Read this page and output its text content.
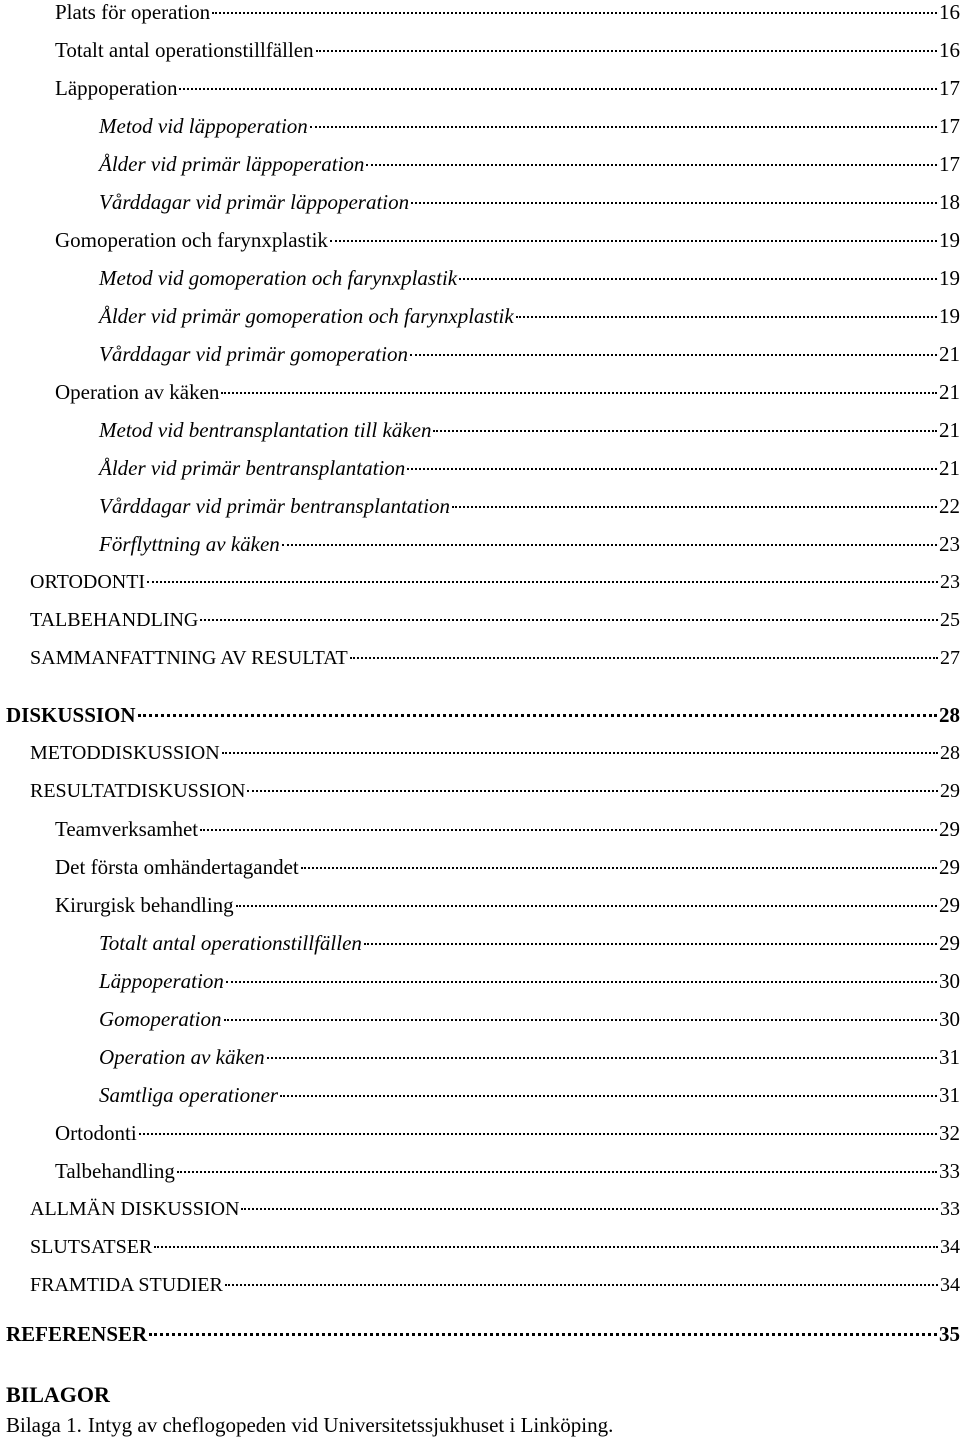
Plats för operation	16
Totalt antal operationstillfällen	16
Läppoperation	17
Metod vid läppoperation	17
Ålder vid primär läppoperation	17
Vårddagar vid primär läppoperation	18
Gomoperation och farynxplastik	19
Metod vid gomoperation och farynxplastik	19
Ålder vid primär gomoperation och farynxplastik	19
Vårddagar vid primär gomoperation	21
Operation av käken	21
Metod vid bentransplantation till käken	21
Ålder vid primär bentransplantation	21
Vårddagar vid primär bentransplantation	22
Förflyttning av käken	23
ORTODONTI	23
TALBEHANDLING	25
SAMMANFATTNING AV RESULTAT	27
DISKUSSION	28
METODDISKUSSION	28
RESULTATDISKUSSION	29
Teamverksamhet	29
Det första omhändertagandet	29
Kirurgisk behandling	29
Totalt antal operationstillfällen	29
Läppoperation	30
Gomoperation	30
Operation av käken	31
Samtliga operationer	31
Ortodonti	32
Talbehandling	33
ALLMÄN DISKUSSION	33
SLUTSATSER	34
FRAMTIDA STUDIER	34
REFERENSER	35
BILAGOR
Bilaga 1. Intyg av cheflogopeden vid Universitetssjukhuset i Linköping.
